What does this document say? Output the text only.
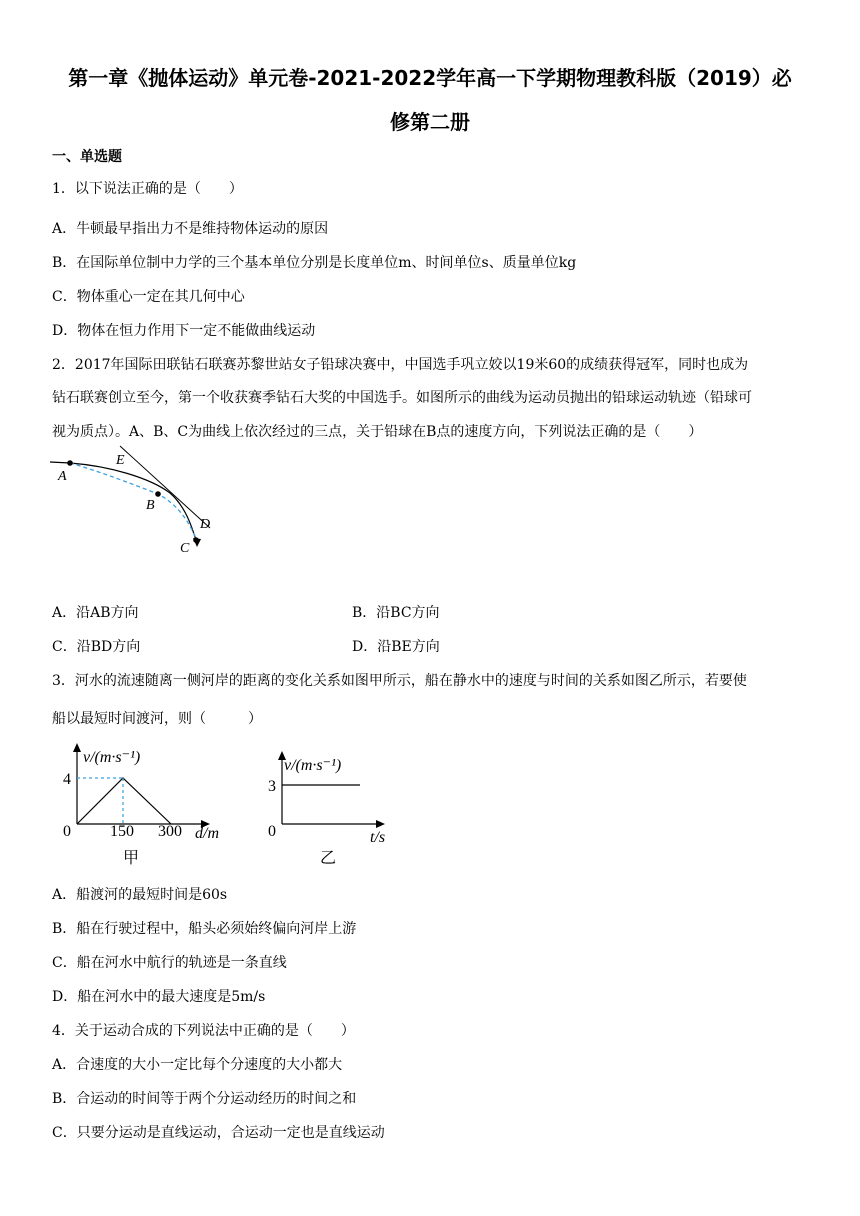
第一章《抛体运动》单元卷-2021-2022学年高一下学期物理教科版（2019）必
修第二册
一、单选题
1．以下说法正确的是（　　）
A．牛顿最早指出力不是维持物体运动的原因
B．在国际单位制中力学的三个基本单位分别是长度单位m、时间单位s、质量单位kg
C．物体重心一定在其几何中心
D．物体在恒力作用下一定不能做曲线运动
2．2017年国际田联钻石联赛苏黎世站女子铅球决赛中，中国选手巩立姣以19米60的成绩获得冠军，同时也成为
钻石联赛创立至今，第一个收获赛季钻石大奖的中国选手。如图所示的曲线为运动员抛出的铅球运动轨迹（铅球可
视为质点）。A、B、C为曲线上依次经过的三点，关于铅球在B点的速度方向，下列说法正确的是（　　）
A
E
B
D
C
A．沿AB方向	B．沿BC方向
C．沿BD方向	D．沿BE方向
3．河水的流速随离一侧河岸的距离的变化关系如图甲所示，船在静水中的速度与时间的关系如图乙所示，若要使
船以最短时间渡河，则（　　　）
v/(m·s⁻¹)
4
0 150 300 d/m
甲
v/(m·s⁻¹)
3
0	t/s
乙
A．船渡河的最短时间是60s
B．船在行驶过程中，船头必须始终偏向河岸上游
C．船在河水中航行的轨迹是一条直线
D．船在河水中的最大速度是5m/s
4．关于运动合成的下列说法中正确的是（　　）
A．合速度的大小一定比每个分速度的大小都大
B．合运动的时间等于两个分运动经历的时间之和
C．只要分运动是直线运动，合运动一定也是直线运动
